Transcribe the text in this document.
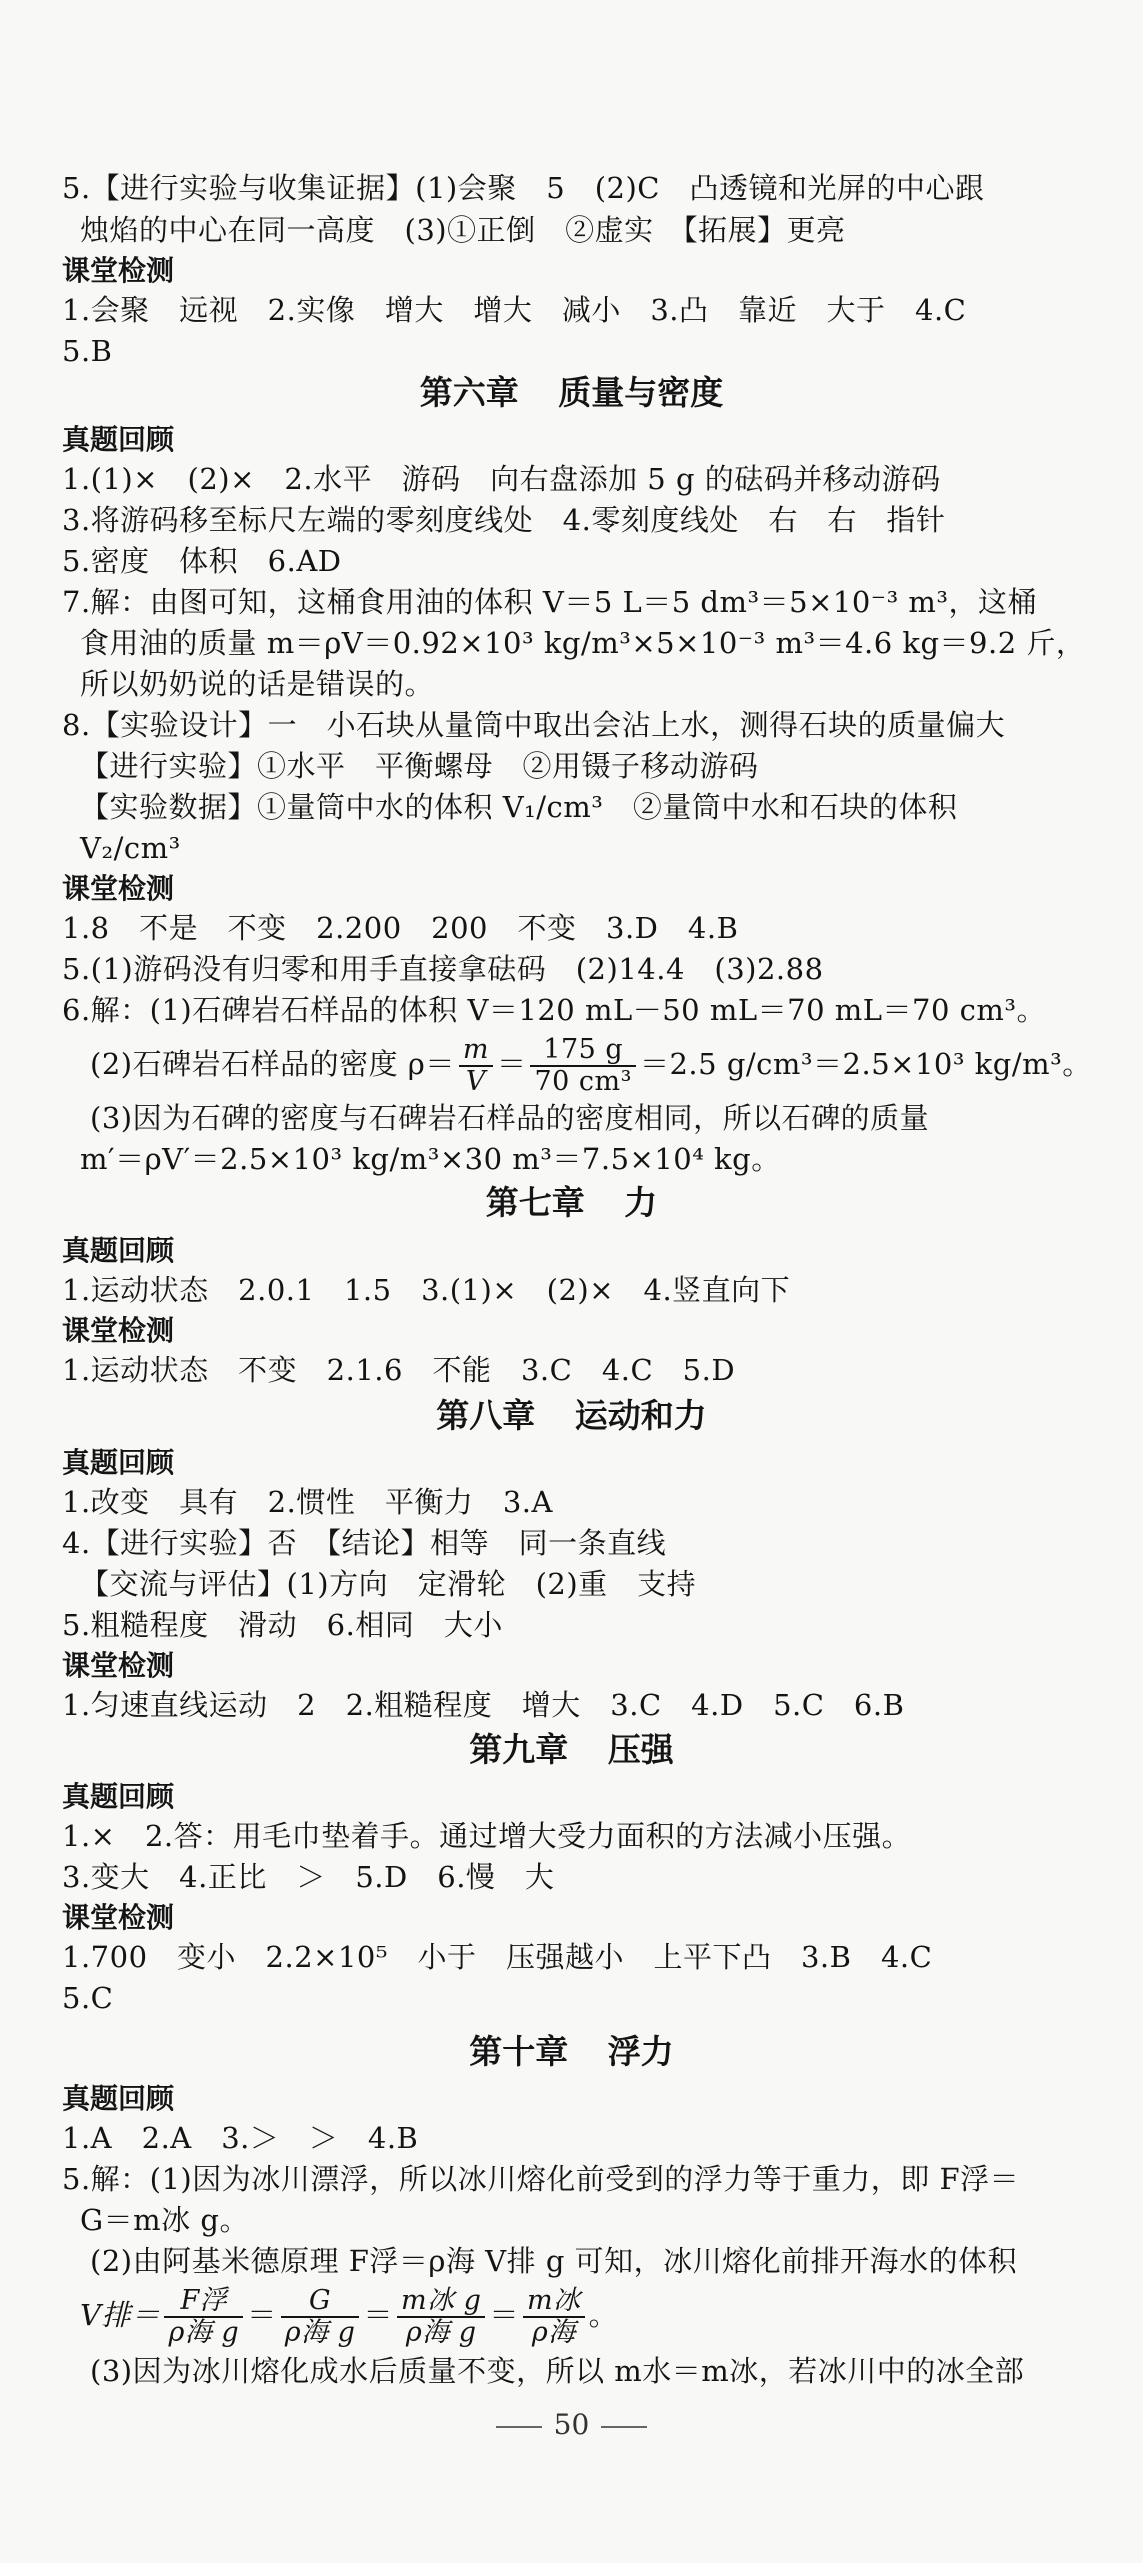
5.【进行实验与收集证据】(1)会聚　5　(2)C　凸透镜和光屏的中心跟
烛焰的中心在同一高度　(3)①正倒　②虚实　【拓展】更亮
课堂检测
1.会聚　远视　2.实像　增大　增大　减小　3.凸　靠近　大于　4.C
5.B
第六章 质量与密度
真题回顾
1.(1)×　(2)×　2.水平　游码　向右盘添加 5 g 的砝码并移动游码
3.将游码移至标尺左端的零刻度线处　4.零刻度线处　右　右　指针
5.密度　体积　6.AD
7.解：由图可知，这桶食用油的体积 V＝5 L＝5 dm³＝5×10⁻³ m³，这桶
食用油的质量 m＝ρV＝0.92×10³ kg/m³×5×10⁻³ m³＝4.6 kg＝9.2 斤，
所以奶奶说的话是错误的。
8.【实验设计】一　小石块从量筒中取出会沾上水，测得石块的质量偏大
【进行实验】①水平　平衡螺母　②用镊子移动游码
【实验数据】①量筒中水的体积 V₁/cm³　②量筒中水和石块的体积
V₂/cm³
课堂检测
1.8　不是　不变　2.200　200　不变　3.D　4.B
5.(1)游码没有归零和用手直接拿砝码　(2)14.4　(3)2.88
6.解：(1)石碑岩石样品的体积 V＝120 mL－50 mL＝70 mL＝70 cm³。
(2)石碑岩石样品的密度 $\rho= \frac{m}{V} = \frac{175 g}{\text{70 cm³}} =2.5$ g/cm³＝2.5×10³ kg/m³。
(3)因为石碑的密度与石碑岩石样品的密度相同，所以石碑的质量
m′＝ρV′＝2.5×10³ kg/m³×30 m³＝7.5×10⁴ kg。
第七章 力
真题回顾
1.运动状态　2.0.1　1.5　3.(1)×　(2)×　4.竖直向下
课堂检测
1.运动状态　不变　2.1.6　不能　3.C　4.C　5.D
第八章 运动和力
真题回顾
1.改变　具有　2.惯性　平衡力　3.A
4.【进行实验】否　【结论】相等　同一条直线
【交流与评估】(1)方向　定滑轮　(2)重　支持
5.粗糙程度　滑动　6.相同　大小
课堂检测
1.匀速直线运动　2　2.粗糙程度　增大　3.C　4.D　5.C　6.B
第九章 压强
真题回顾
1.×　2.答：用毛巾垫着手。通过增大受力面积的方法减小压强。
3.变大　4.正比　＞　5.D　6.慢　大
课堂检测
1.700　变小　2.2×10⁵　小于　压强越小　上平下凸　3.B　4.C
5.C
第十章 浮力
真题回顾
1.A　2.A　3.＞　＞　4.B
5.解：(1)因为冰川漂浮，所以冰川熔化前受到的浮力等于重力，即 F浮＝
G＝m冰 g。
(2)由阿基米德原理 F浮＝ρ海 V排 g 可知，冰川熔化前排开海水的体积
V排＝ $\frac{\text{F浮}}{\text{ρ海 g}} = \frac{G}{\text{ρ海 g}} = \frac{\text{m冰 g}}{\text{ρ海 g}} = \frac{\text{m冰}}{\text{ρ海}}$ 。
(3)因为冰川熔化成水后质量不变，所以 m水＝m冰，若冰川中的冰全部
50
